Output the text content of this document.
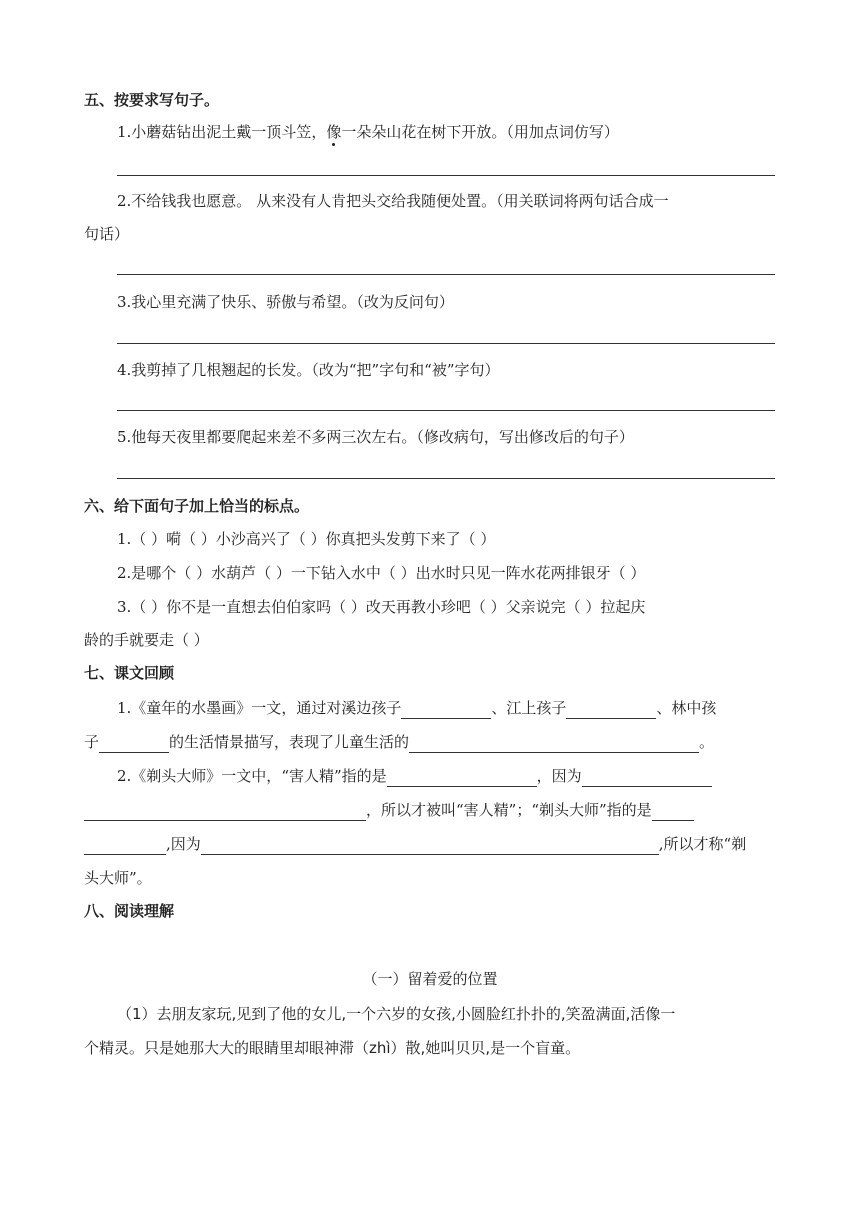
五、按要求写句子。
1.小蘑菇钻出泥土戴一顶斗笠，像一朵朵山花在树下开放。（用加点词仿写）
2.不给钱我也愿意。 从来没有人肯把头交给我随便处置。（用关联词将两句话合成一
句话）
3.我心里充满了快乐、骄傲与希望。（改为反问句）
4.我剪掉了几根翘起的长发。（改为“把”字句和“被”字句）
5.他每天夜里都要爬起来差不多两三次左右。（修改病句，写出修改后的句子）
六、给下面句子加上恰当的标点。
1.（ ）嗬（ ）小沙高兴了（ ）你真把头发剪下来了（ ）
2.是哪个（ ）水葫芦（ ）一下钻入水中（ ）出水时只见一阵水花两排银牙（ ）
3.（ ）你不是一直想去伯伯家吗（ ）改天再教小珍吧（ ）父亲说完（ ）拉起庆
龄的手就要走（ ）
七、课文回顾
1.《童年的水墨画》一文，通过对溪边孩子	、江上孩子	、林中孩
子	的生活情景描写，表现了儿童生活的	。
2.《剃头大师》一文中，“害人精”指的是	，因为
，所以才被叫“害人精”；“剃头大师”指的是
,因为	,所以才称“剃
头大师”。
八、阅读理解
（一）留着爱的位置
（1）去朋友家玩,见到了他的女儿,一个六岁的女孩,小圆脸红扑扑的,笑盈满面,活像一
个精灵。只是她那大大的眼睛里却眼神滞（zhì）散,她叫贝贝,是一个盲童。
